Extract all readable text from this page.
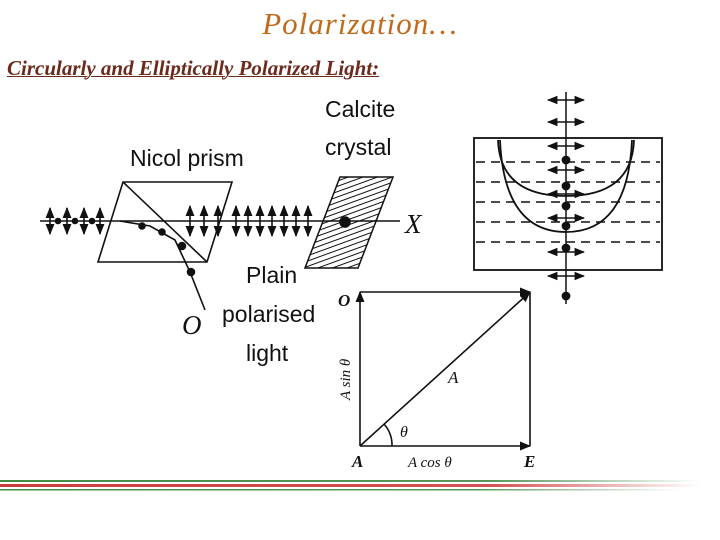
Polarization…
Circularly and Elliptically Polarized Light:
Nicol prism
Calcite
crystal
X
O
Plain
polarised
light
O
A	E
A
θ
A cos θ
A sin θ
